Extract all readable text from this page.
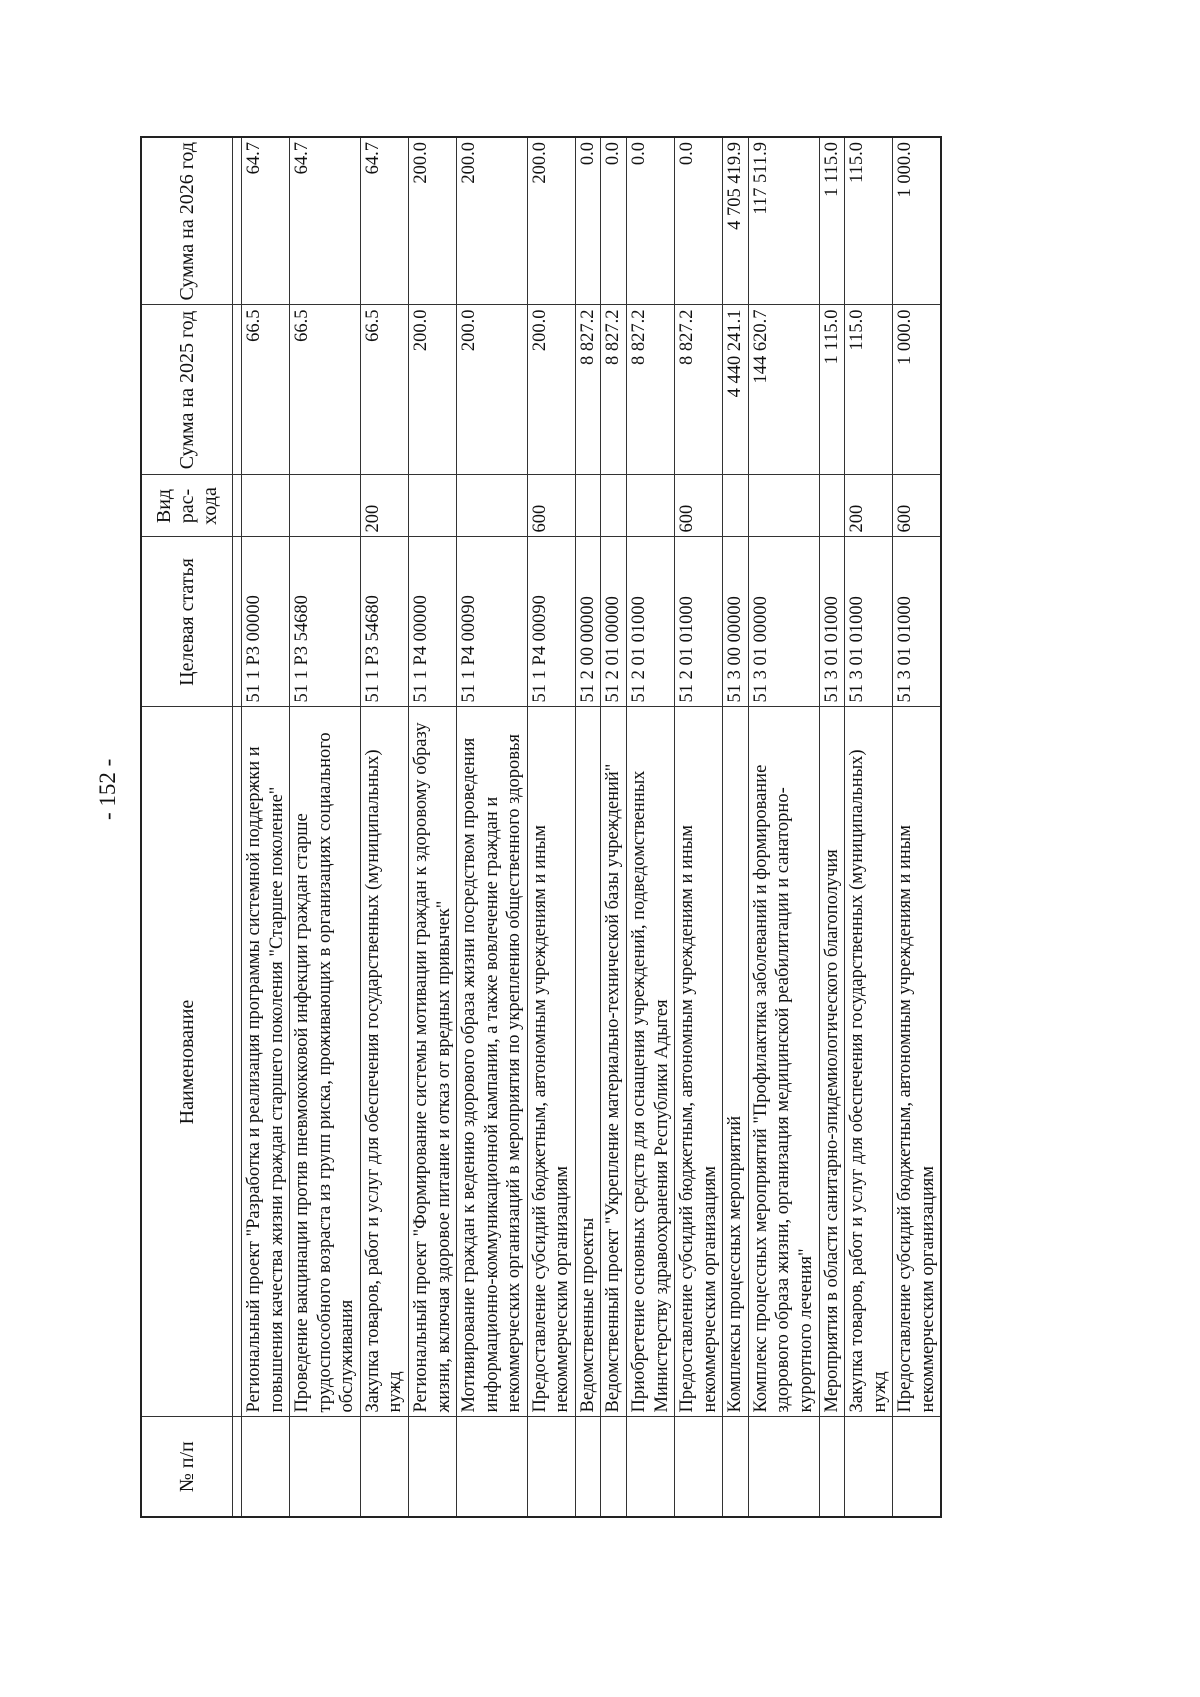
- 152 -
№ п/п	Наименование	Целевая статья	Вид рас-хода	Сумма на 2025 год	Сумма на 2026 год

	Региональный проект "Разработка и реализация программы системной поддержки и повышения качества жизни граждан старшего поколения "Старшее поколение"	51 1 P3 00000		66.5	64.7
	Проведение вакцинации против пневмококковой инфекции граждан старше трудоспособного возраста из групп риска, проживающих в организациях социального обслуживания	51 1 P3 54680		66.5	64.7
	Закупка товаров, работ и услуг для обеспечения государственных (муниципальных) нужд	51 1 P3 54680	200	66.5	64.7
	Региональный проект "Формирование системы мотивации граждан к здоровому образу жизни, включая здоровое питание и отказ от вредных привычек"	51 1 P4 00000		200.0	200.0
	Мотивирование граждан к ведению здорового образа жизни посредством проведения информационно-коммуникационной кампании, а также вовлечение граждан и некоммерческих организаций в мероприятия по укреплению общественного здоровья	51 1 P4 00090		200.0	200.0
	Предоставление субсидий бюджетным, автономным учреждениям и иным некоммерческим организациям	51 1 P4 00090	600	200.0	200.0
	Ведомственные проекты	51 2 00 00000		8 827.2	0.0
	Ведомственный проект "Укрепление материально-технической базы учреждений"	51 2 01 00000		8 827.2	0.0
	Приобретение основных средств для оснащения учреждений, подведомственных Министерству здравоохранения Республики Адыгея	51 2 01 01000		8 827.2	0.0
	Предоставление субсидий бюджетным, автономным учреждениям и иным некоммерческим организациям	51 2 01 01000	600	8 827.2	0.0
	Комплексы процессных мероприятий	51 3 00 00000		4 440 241.1	4 705 419.9
	Комплекс процессных мероприятий "Профилактика заболеваний и формирование здорового образа жизни, организация медицинской реабилитации и санаторно-курортного лечения"	51 3 01 00000		144 620.7	117 511.9
	Мероприятия в области санитарно-эпидемиологического благополучия	51 3 01 01000		1 115.0	1 115.0
	Закупка товаров, работ и услуг для обеспечения государственных (муниципальных) нужд	51 3 01 01000	200	115.0	115.0
	Предоставление субсидий бюджетным, автономным учреждениям и иным некоммерческим организациям	51 3 01 01000	600	1 000.0	1 000.0
